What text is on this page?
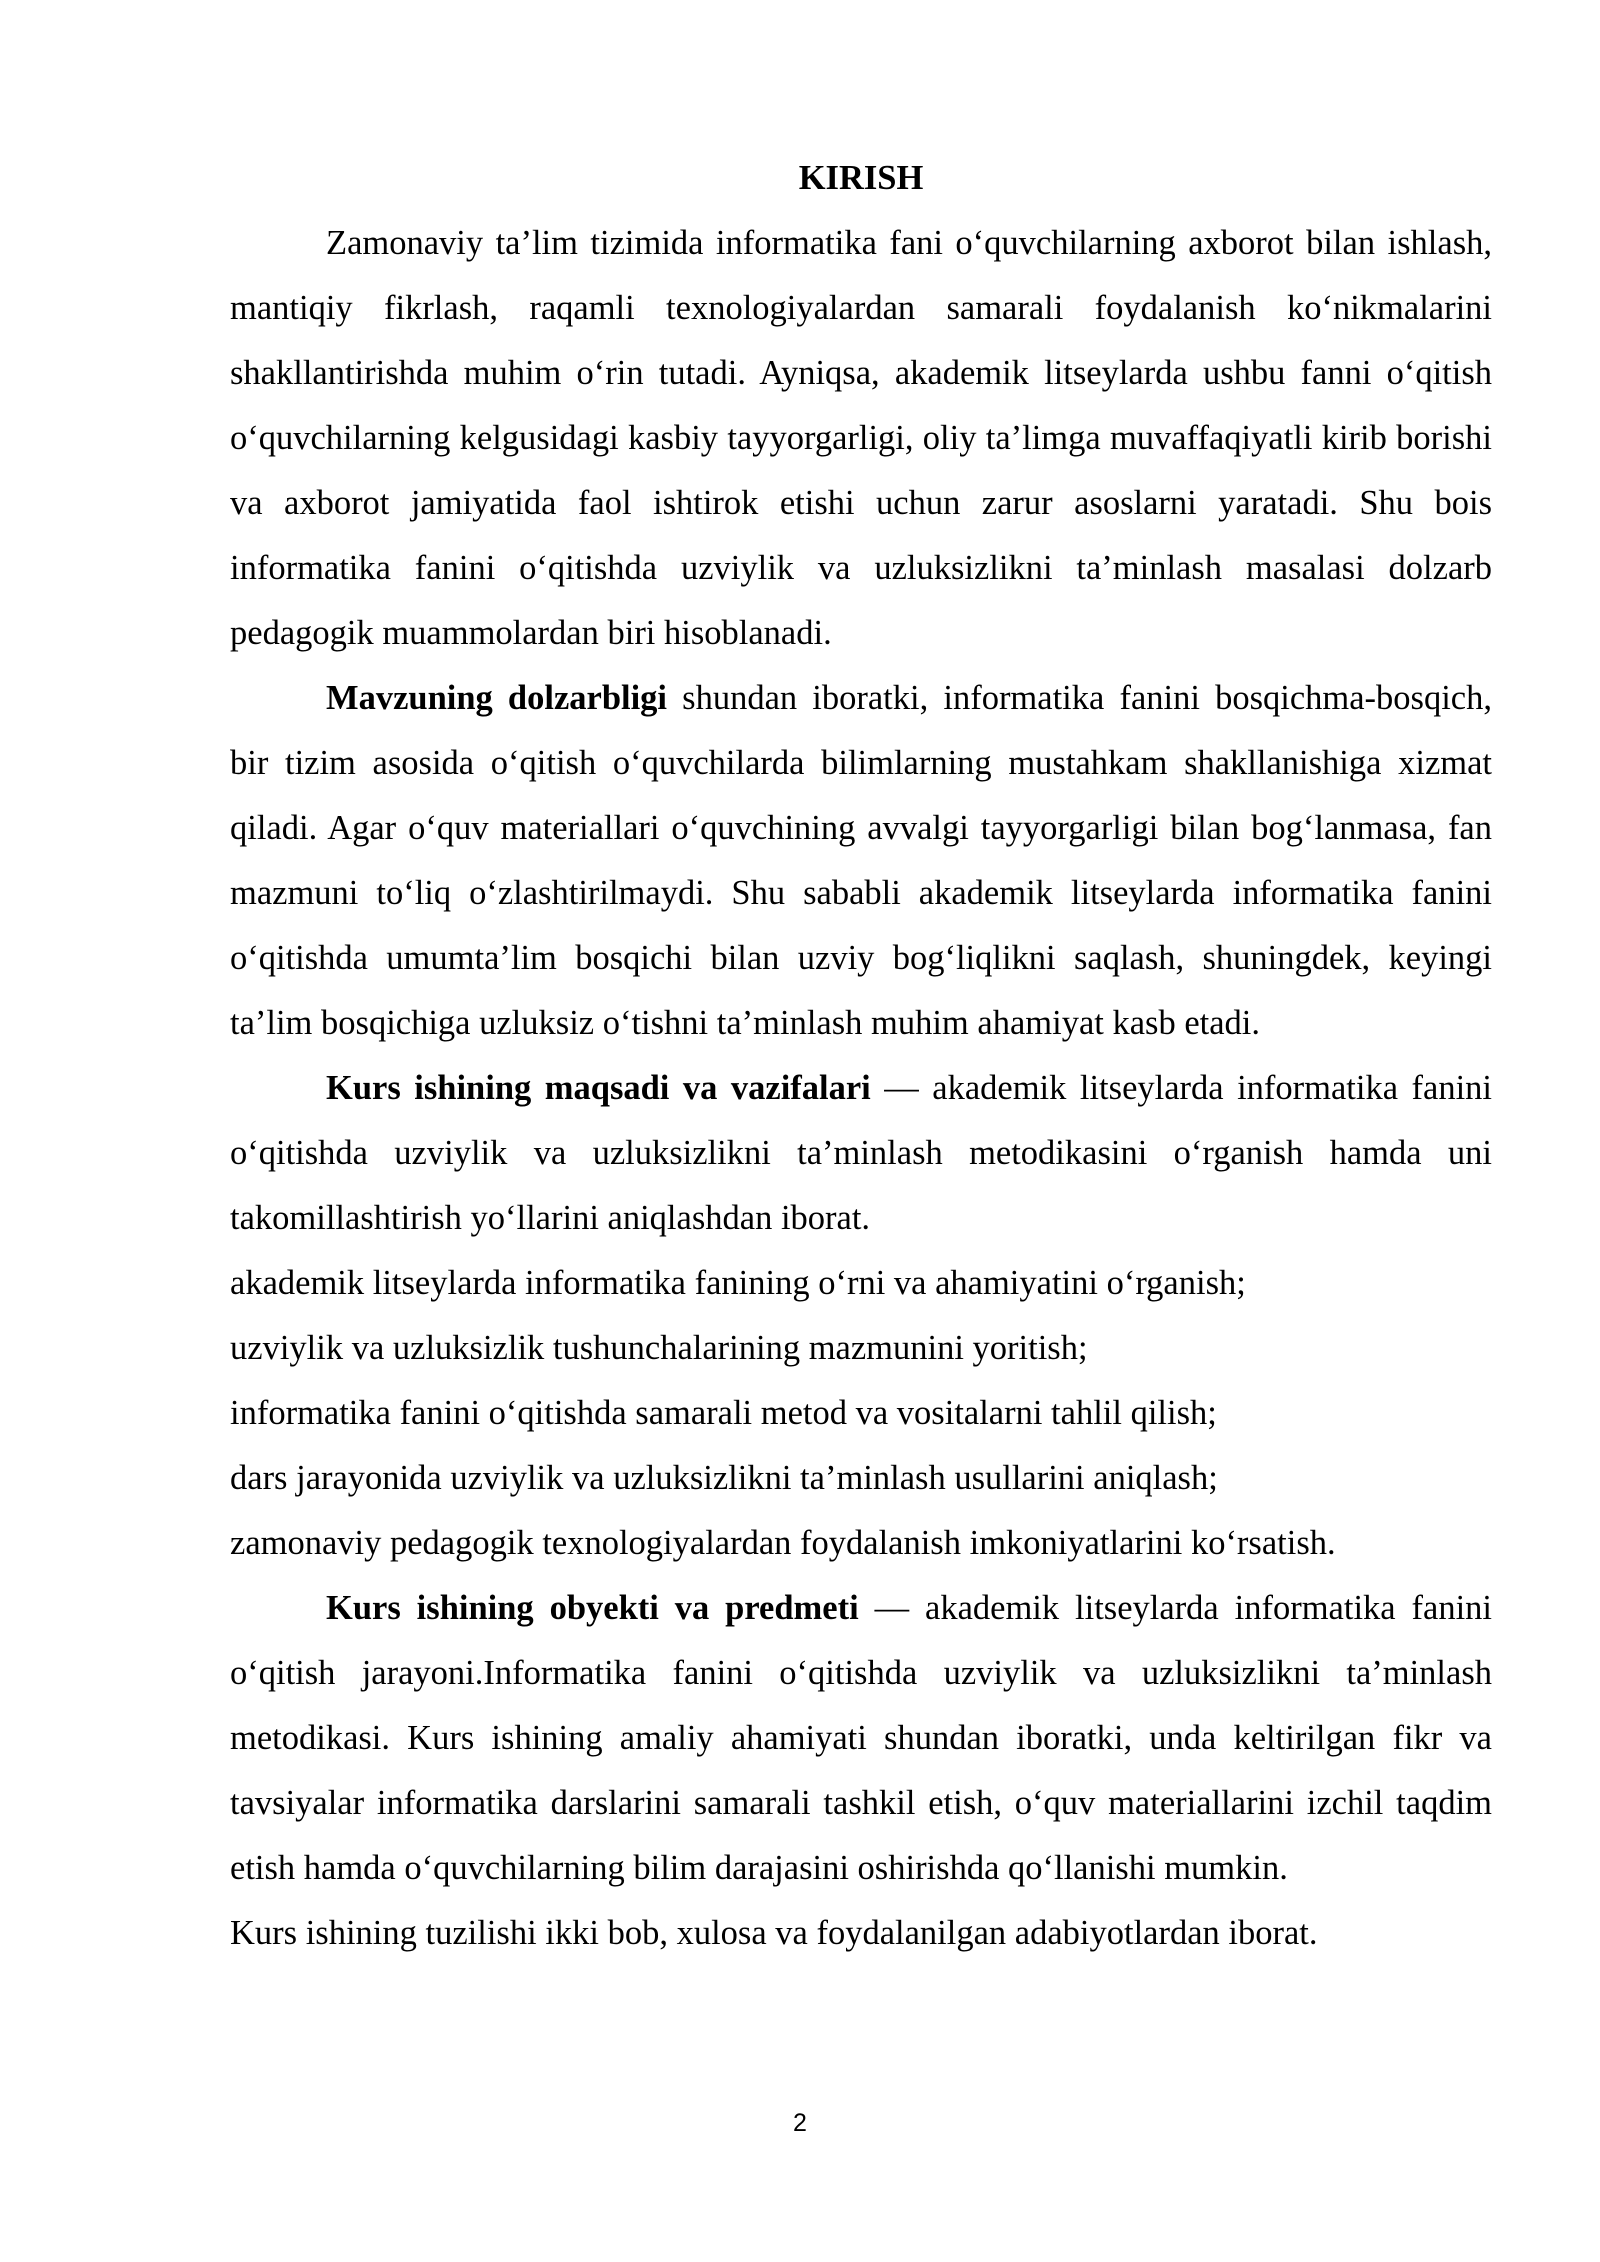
KIRISH

Zamonaviy ta’lim tizimida informatika fani o‘quvchilarning axborot bilan ishlash, mantiqiy fikrlash, raqamli texnologiyalardan samarali foydalanish ko‘nikmalarini shakllantirishda muhim o‘rin tutadi. Ayniqsa, akademik litseylarda ushbu fanni o‘qitish o‘quvchilarning kelgusidagi kasbiy tayyorgarligi, oliy ta’limga muvaffaqiyatli kirib borishi va axborot jamiyatida faol ishtirok etishi uchun zarur asoslarni yaratadi. Shu bois informatika fanini o‘qitishda uzviylik va uzluksizlikni ta’minlash masalasi dolzarb pedagogik muammolardan biri hisoblanadi.

Mavzuning dolzarbligi shundan iboratki, informatika fanini bosqichma-bosqich, bir tizim asosida o‘qitish o‘quvchilarda bilimlarning mustahkam shakllanishiga xizmat qiladi. Agar o‘quv materiallari o‘quvchining avvalgi tayyorgarligi bilan bog‘lanmasa, fan mazmuni to‘liq o‘zlashtirilmaydi. Shu sababli akademik litseylarda informatika fanini o‘qitishda umumta’lim bosqichi bilan uzviy bog‘liqlikni saqlash, shuningdek, keyingi ta’lim bosqichiga uzluksiz o‘tishni ta’minlash muhim ahamiyat kasb etadi.

Kurs ishining maqsadi va vazifalari — akademik litseylarda informatika fanini o‘qitishda uzviylik va uzluksizlikni ta’minlash metodikasini o‘rganish hamda uni takomillashtirish yo‘llarini aniqlashdan iborat.

akademik litseylarda informatika fanining o‘rni va ahamiyatini o‘rganish;

uzviylik va uzluksizlik tushunchalarining mazmunini yoritish;

informatika fanini o‘qitishda samarali metod va vositalarni tahlil qilish;

dars jarayonida uzviylik va uzluksizlikni ta’minlash usullarini aniqlash;

zamonaviy pedagogik texnologiyalardan foydalanish imkoniyatlarini ko‘rsatish.

Kurs ishining obyekti va predmeti — akademik litseylarda informatika fanini o‘qitish jarayoni.Informatika fanini o‘qitishda uzviylik va uzluksizlikni ta’minlash metodikasi. Kurs ishining amaliy ahamiyati shundan iboratki, unda keltirilgan fikr va tavsiyalar informatika darslarini samarali tashkil etish, o‘quv materiallarini izchil taqdim etish hamda o‘quvchilarning bilim darajasini oshirishda qo‘llanishi mumkin.

Kurs ishining tuzilishi ikki bob, xulosa va foydalanilgan adabiyotlardan iborat.

2
